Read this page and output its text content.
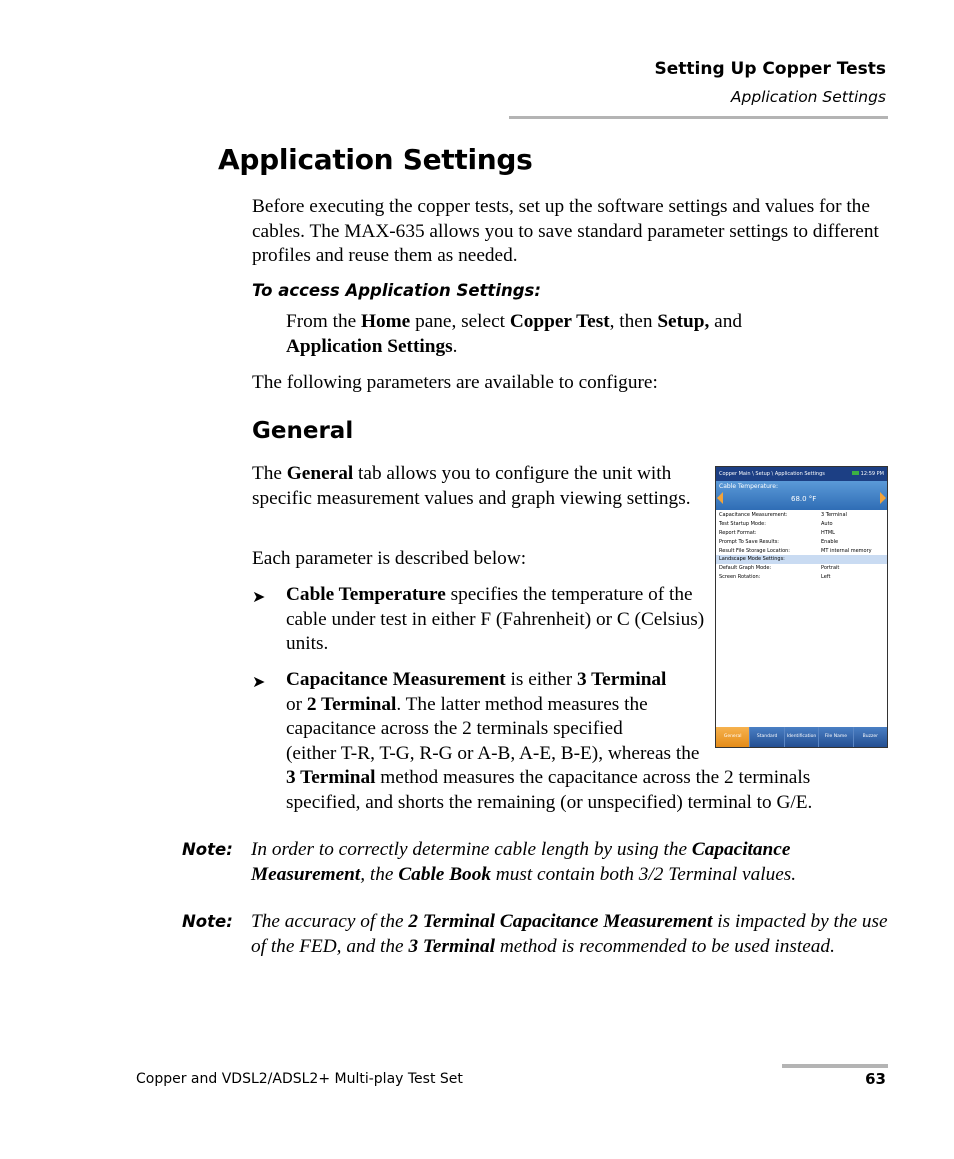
Setting Up Copper Tests
Application Settings
Application Settings
Before executing the copper tests, set up the software settings and values for the cables. The MAX-635 allows you to save standard parameter settings to different profiles and reuse them as needed.
To access Application Settings:
From the Home pane, select Copper Test, then Setup, and
Application Settings.
The following parameters are available to configure:
General
The General tab allows you to configure the unit with specific measurement values and graph viewing settings.
Each parameter is described below:
➤ Cable Temperature specifies the temperature of the cable under test in either F (Fahrenheit) or C (Celsius) units.
➤ Capacitance Measurement is either 3 Terminal
or 2 Terminal. The latter method measures the
capacitance across the 2 terminals specified
(either T-R, T-G, R-G or A-B, A-E, B-E), whereas the
3 Terminal method measures the capacitance across the 2 terminals
specified, and shorts the remaining (or unspecified) terminal to G/E.
Copper Main \ Setup \ Application Settings	12:59 PM
Cable Temperature:
68.0 °F
Capacitance Measurement:	3 Terminal
Test Startup Mode:	Auto
Report Format:	HTML
Prompt To Save Results:	Enable
Result File Storage Location:	MT internal memory
Landscape Mode Settings:
Default Graph Mode:	Portrait
Screen Rotation:	Left
General	Standard	Identification	File Name	Buzzer
Note: In order to correctly determine cable length by using the Capacitance Measurement, the Cable Book must contain both 3/2 Terminal values.
Note: The accuracy of the 2 Terminal Capacitance Measurement is impacted by the use of the FED, and the 3 Terminal method is recommended to be used instead.
Copper and VDSL2/ADSL2+ Multi-play Test Set	63
